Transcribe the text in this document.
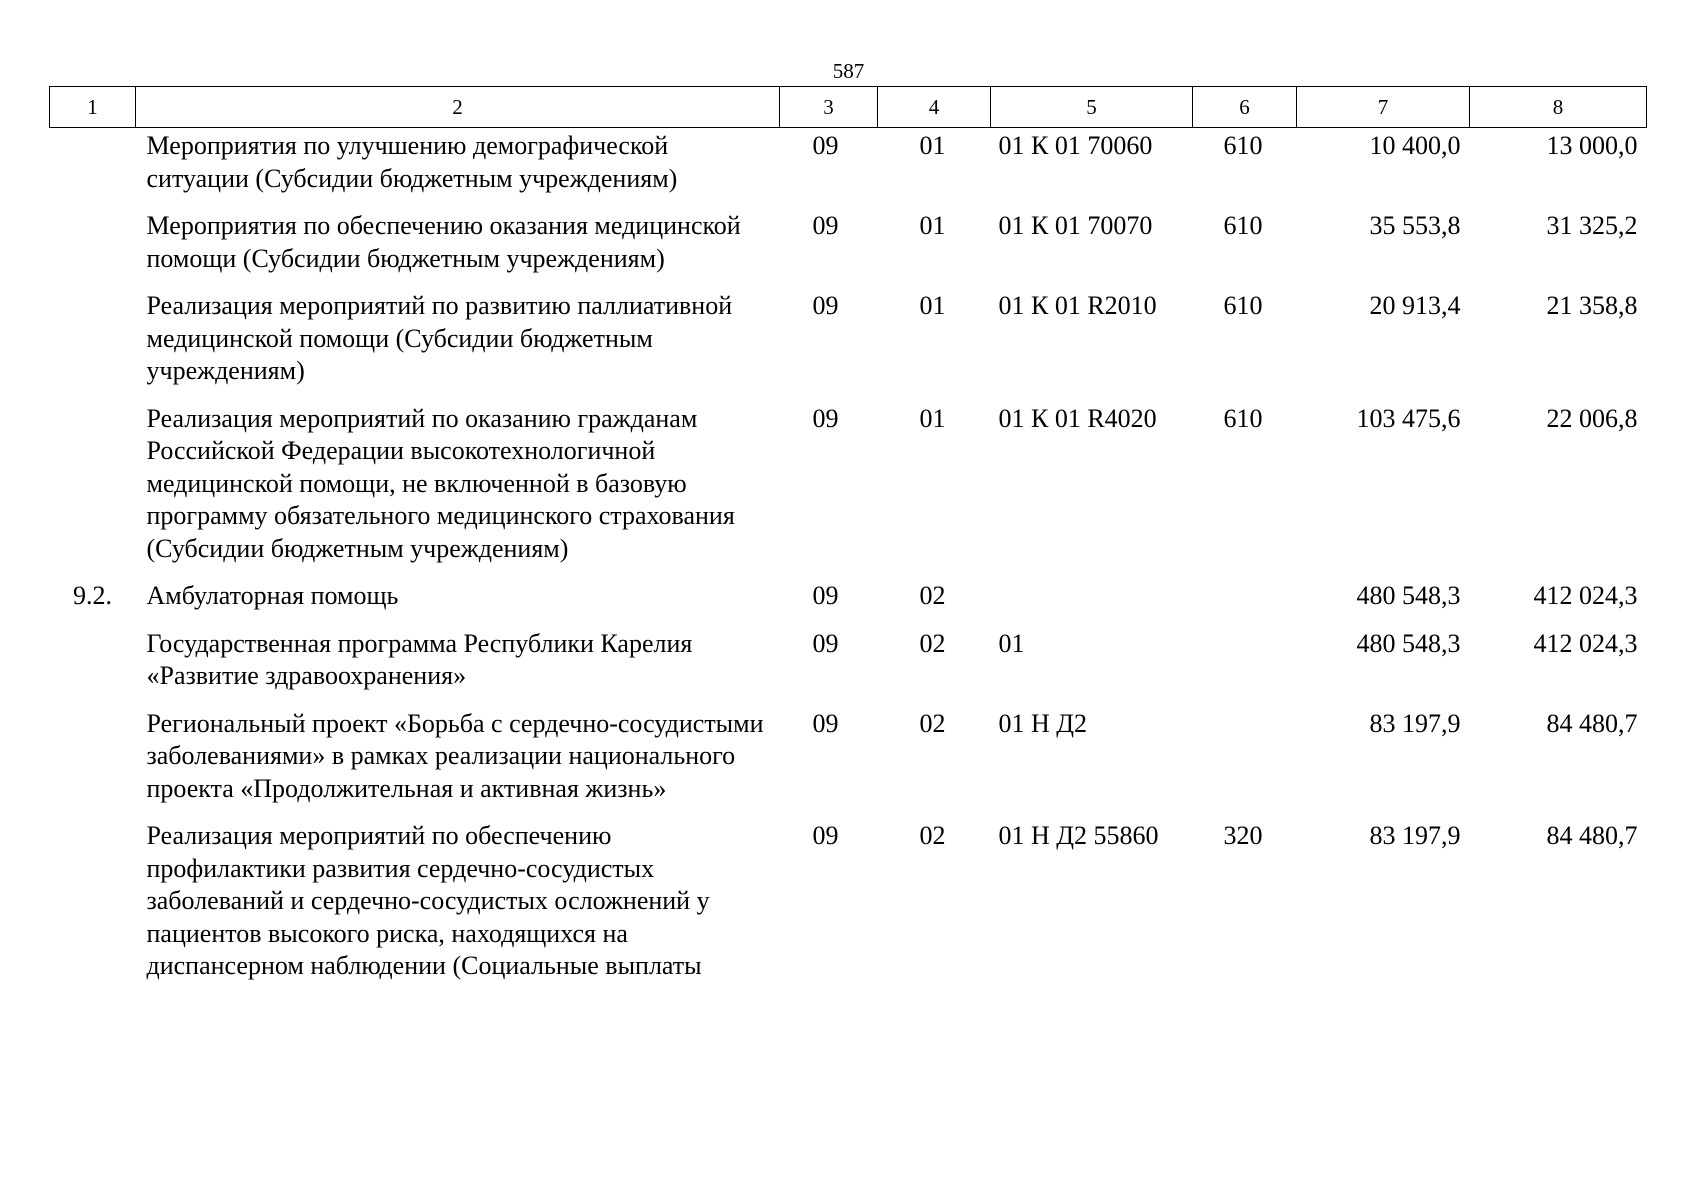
587
1	2	3	4	5	6	7	8
	Мероприятия по улучшению демографической ситуации (Субсидии бюджетным учреждениям)	09	01	01 К 01 70060	610	10 400,0	13 000,0
	Мероприятия по обеспечению оказания медицинской помощи (Субсидии бюджетным учреждениям)	09	01	01 К 01 70070	610	35 553,8	31 325,2
	Реализация мероприятий по развитию паллиативной медицинской помощи (Субсидии бюджетным учреждениям)	09	01	01 К 01 R2010	610	20 913,4	21 358,8
	Реализация мероприятий по оказанию гражданам Российской Федерации высокотехнологичной медицинской помощи, не включенной в базовую программу обязательного медицинского страхования (Субсидии бюджетным учреждениям)	09	01	01 К 01 R4020	610	103 475,6	22 006,8
9.2.	Амбулаторная помощь	09	02			480 548,3	412 024,3
	Государственная программа Республики Карелия «Развитие здравоохранения»	09	02	01		480 548,3	412 024,3
	Региональный проект «Борьба с сердечно-сосудистыми заболеваниями» в рамках реализации национального проекта «Продолжительная и активная жизнь»	09	02	01 Н Д2		83 197,9	84 480,7
	Реализация мероприятий по обеспечению профилактики развития сердечно-сосудистых заболеваний и сердечно-сосудистых осложнений у пациентов высокого риска, находящихся на диспансерном наблюдении (Социальные выплаты	09	02	01 Н Д2 55860	320	83 197,9	84 480,7
